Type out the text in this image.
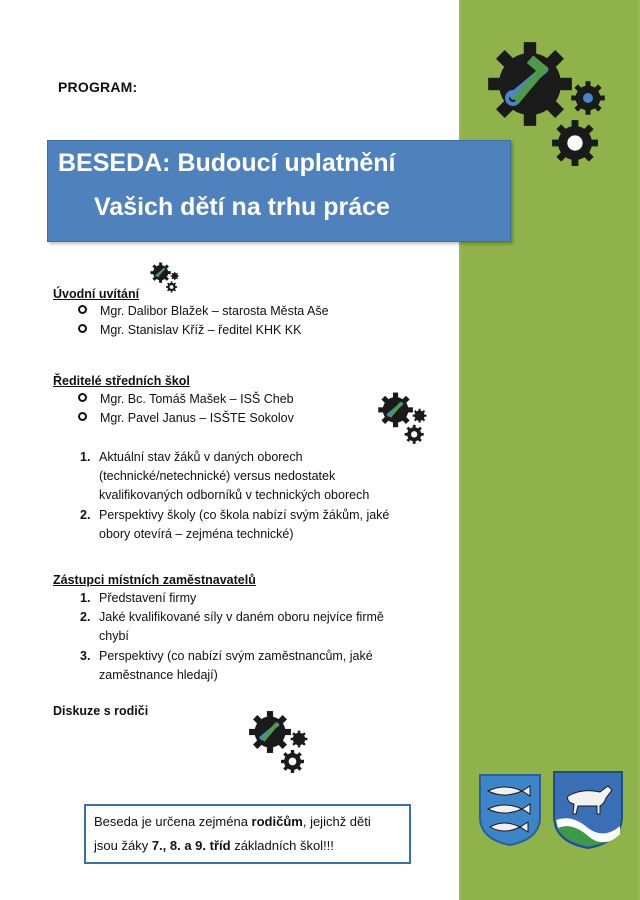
PROGRAM:
BESEDA: Budoucí uplatnění
Vašich dětí na trhu práce
Úvodní uvítání
Mgr. Dalibor Blažek – starosta Města Aše
Mgr. Stanislav Kříž – ředitel KHK KK
Ředitelé středních škol
Mgr. Bc. Tomáš Mašek – ISŠ Cheb
Mgr. Pavel Janus – ISŠTE Sokolov
1. Aktuální stav žáků v daných oborech
(technické/netechnické) versus nedostatek
kvalifikovaných odborníků v technických oborech
2. Perspektivy školy (co škola nabízí svým žákům, jaké
obory otevírá – zejména technické)
Zástupci místních zaměstnavatelů
1. Představení firmy
2. Jaké kvalifikované síly v daném oboru nejvíce firmě
chybí
3. Perspektivy (co nabízí svým zaměstnancům, jaké
zaměstnance hledají)
Diskuze s rodiči
Beseda je určena zejména rodičům, jejichž děti
jsou žáky 7., 8. a 9. tříd základních škol!!!
